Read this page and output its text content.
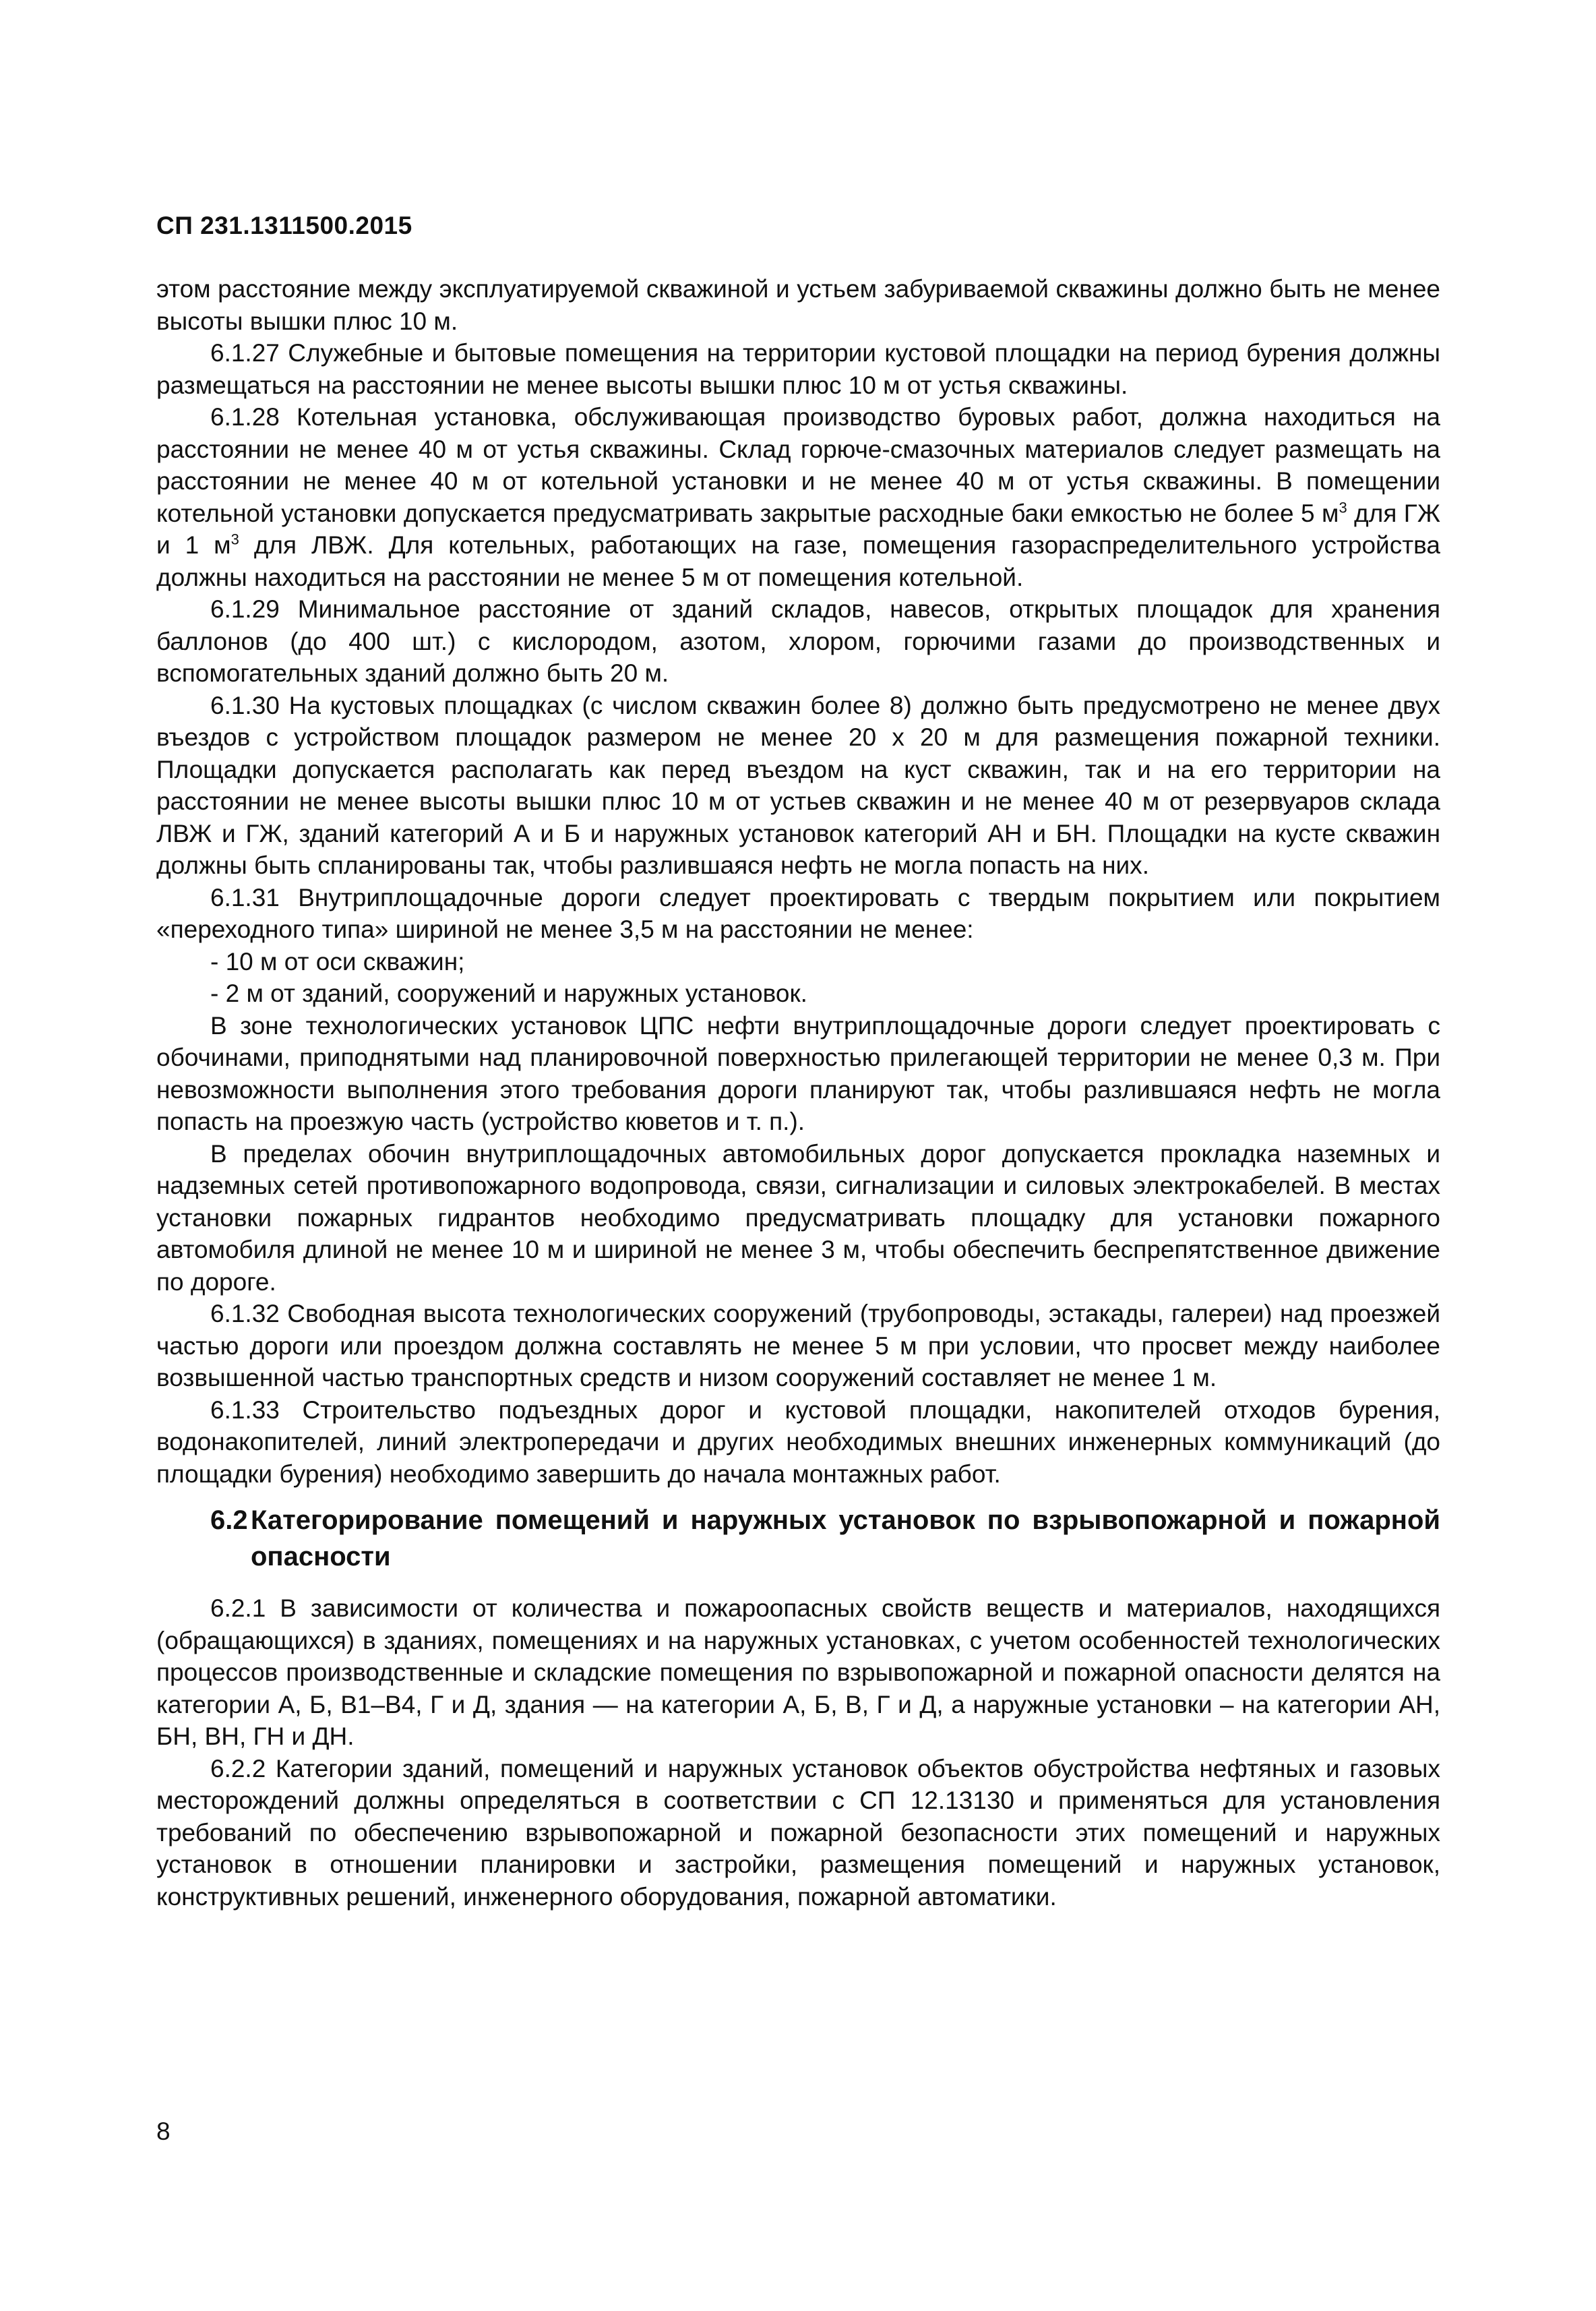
СП 231.1311500.2015

этом расстояние между эксплуатируемой скважиной и устьем забуриваемой скважины должно быть не менее высоты вышки плюс 10 м.

6.1.27 Служебные и бытовые помещения на территории кустовой площадки на период бурения должны размещаться на расстоянии не менее высоты вышки плюс 10 м от устья скважины.

6.1.28 Котельная установка, обслуживающая производство буровых работ, должна находиться на расстоянии не менее 40 м от устья скважины. Склад горюче-смазочных материалов следует размещать на расстоянии не менее 40 м от котельной установки и не менее 40 м от устья скважины. В помещении котельной установки допускается предусматривать закрытые расходные баки емкостью не более 5 $м^3$ для ГЖ и 1 $м^3$ для ЛВЖ. Для котельных, работающих на газе, помещения газораспределительного устройства должны находиться на расстоянии не менее 5 м от помещения котельной.

6.1.29 Минимальное расстояние от зданий складов, навесов, открытых площадок для хранения баллонов (до 400 шт.) с кислородом, азотом, хлором, горючими газами до производственных и вспомогательных зданий должно быть 20 м.

6.1.30 На кустовых площадках (с числом скважин более 8) должно быть предусмотрено не менее двух въездов с устройством площадок размером не менее 20 х 20 м для размещения пожарной техники. Площадки допускается располагать как перед въездом на куст скважин, так и на его территории на расстоянии не менее высоты вышки плюс 10 м от устьев скважин и не менее 40 м от резервуаров склада ЛВЖ и ГЖ, зданий категорий А и Б и наружных установок категорий АН и БН. Площадки на кусте скважин должны быть спланированы так, чтобы разлившаяся нефть не могла попасть на них.

6.1.31 Внутриплощадочные дороги следует проектировать с твердым покрытием или покрытием «переходного типа» шириной не менее 3,5 м на расстоянии не менее:

- 10 м от оси скважин;

- 2 м от зданий, сооружений и наружных установок.

В зоне технологических установок ЦПС нефти внутриплощадочные дороги следует проектировать с обочинами, приподнятыми над планировочной поверхностью прилегающей территории не менее 0,3 м. При невозможности выполнения этого требования дороги планируют так, чтобы разлившаяся нефть не могла попасть на проезжую часть (устройство кюветов и т. п.).

В пределах обочин внутриплощадочных автомобильных дорог допускается прокладка наземных и надземных сетей противопожарного водопровода, связи, сигнализации и силовых электрокабелей. В местах установки пожарных гидрантов необходимо предусматривать площадку для установки пожарного автомобиля длиной не менее 10 м и шириной не менее 3 м, чтобы обеспечить беспрепятственное движение по дороге.

6.1.32 Свободная высота технологических сооружений (трубопроводы, эстакады, галереи) над проезжей частью дороги или проездом должна составлять не менее 5 м при условии, что просвет между наиболее возвышенной частью транспортных средств и низом сооружений составляет не менее 1 м.

6.1.33 Строительство подъездных дорог и кустовой площадки, накопителей отходов бурения, водонакопителей, линий электропередачи и других необходимых внешних инженерных коммуникаций (до площадки бурения) необходимо завершить до начала монтажных работ.

6.2 Категорирование помещений и наружных установок по взрывопожарной и пожарной опасности

6.2.1 В зависимости от количества и пожароопасных свойств веществ и материалов, находящихся (обращающихся) в зданиях, помещениях и на наружных установках, с учетом особенностей технологических процессов производственные и складские помещения по взрывопожарной и пожарной опасности делятся на категории А, Б, В1–В4, Г и Д, здания — на категории А, Б, В, Г и Д, а наружные установки – на категории АН, БН, ВН, ГН и ДН.

6.2.2 Категории зданий, помещений и наружных установок объектов обустройства нефтяных и газовых месторождений должны определяться в соответствии с СП 12.13130 и применяться для установления требований по обеспечению взрывопожарной и пожарной безопасности этих помещений и наружных установок в отношении планировки и застройки, размещения помещений и наружных установок, конструктивных решений, инженерного оборудования, пожарной автоматики.

8
